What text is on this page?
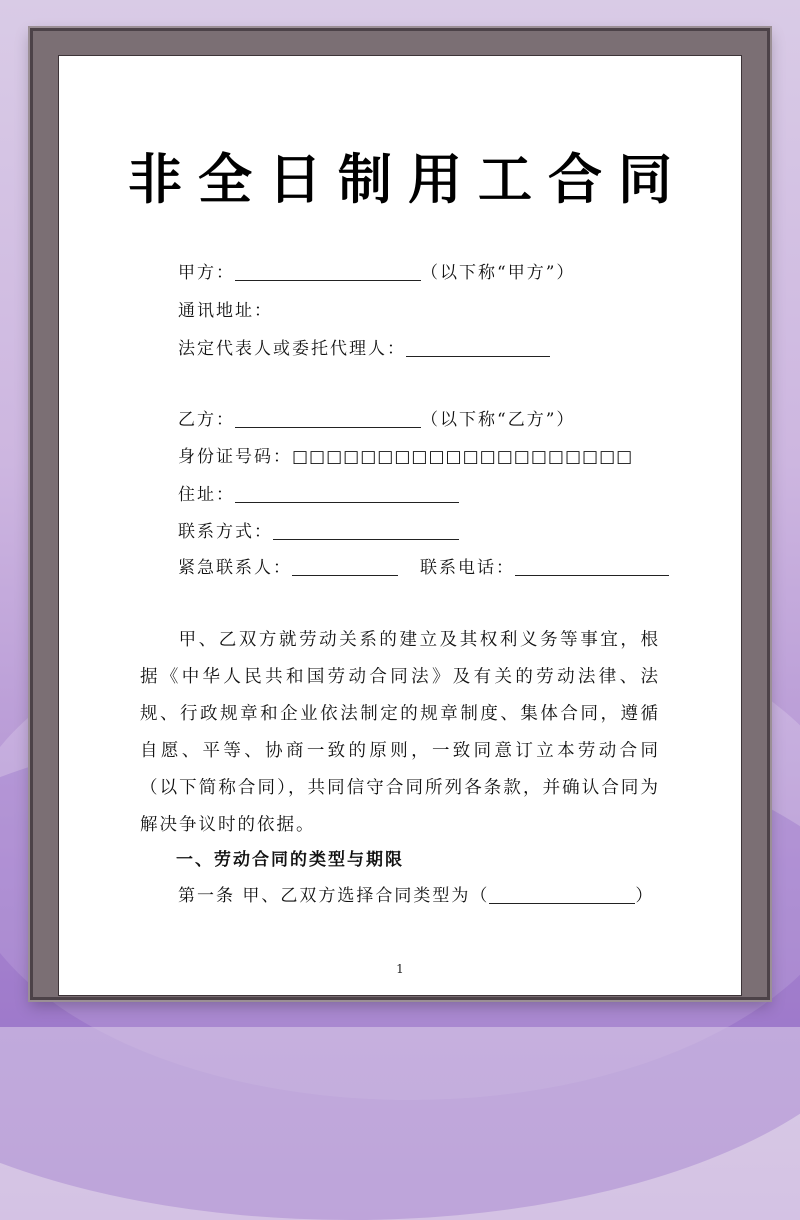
非全日制用工合同
甲方：	（以下称“甲方”）
通讯地址：
法定代表人或委托代理人：
乙方：	（以下称“乙方”）
身份证号码：□□□□□□□□□□□□□□□□□□□□
住址：
联系方式：
紧急联系人：	联系电话：

甲、乙双方就劳动关系的建立及其权利义务等事宜，根据《中华人民共和国劳动合同法》及有关的劳动法律、法规、行政规章和企业依法制定的规章制度、集体合同，遵循自愿、平等、协商一致的原则，一致同意订立本劳动合同（以下简称合同），共同信守合同所列各条款，并确认合同为解决争议时的依据。

一、劳动合同的类型与期限
第一条 甲、乙双方选择合同类型为（	）
1
